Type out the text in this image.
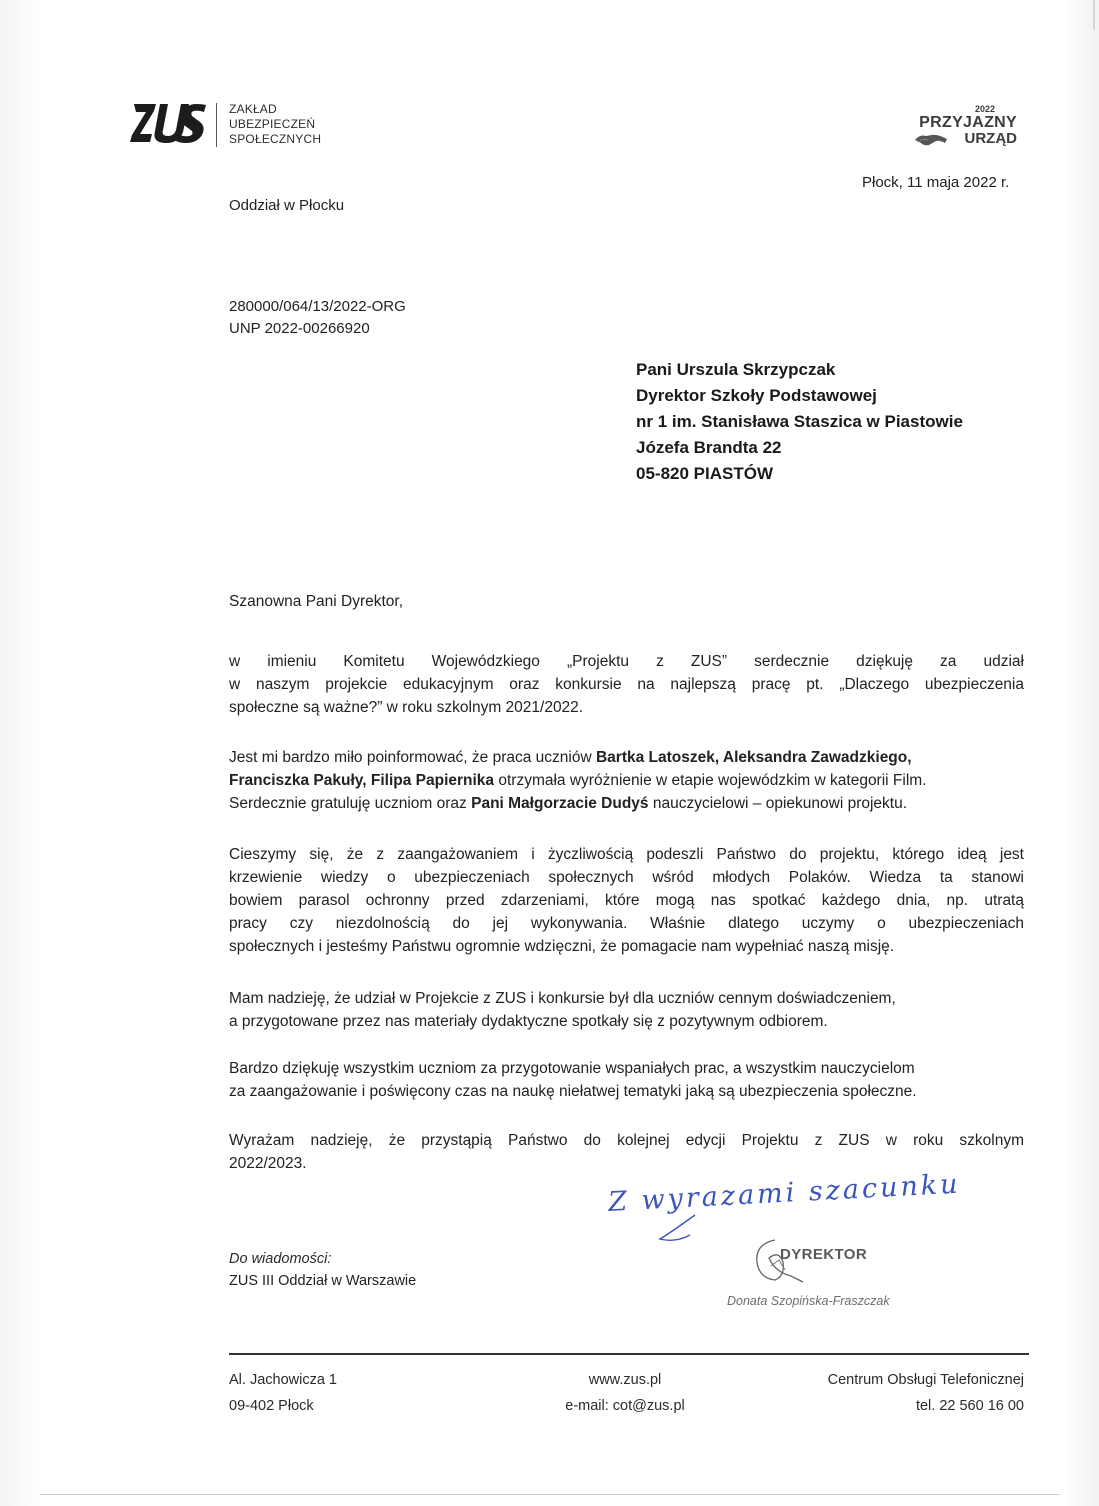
ZAKŁAD
UBEZPIECZEŃ
SPOŁECZNYCH
2022
PRZYJAZNY
URZĄD
Płock, 11 maja 2022 r.
Oddział w Płocku
280000/064/13/2022-ORG
UNP 2022-00266920
Pani Urszula Skrzypczak
Dyrektor Szkoły Podstawowej
nr 1 im. Stanisława Staszica w Piastowie
Józefa Brandta 22
05-820 PIASTÓW
Szanowna Pani Dyrektor,
w imieniu Komitetu Wojewódzkiego „Projektu z ZUS” serdecznie dziękuję za udział
w naszym projekcie edukacyjnym oraz konkursie na najlepszą pracę pt. „Dlaczego ubezpieczenia
społeczne są ważne?” w roku szkolnym 2021/2022.
Jest mi bardzo miło poinformować, że praca uczniów Bartka Latoszek, Aleksandra Zawadzkiego,
Franciszka Pakuły, Filipa Papiernika otrzymała wyróżnienie w etapie wojewódzkim w kategorii Film.
Serdecznie gratuluję uczniom oraz Pani Małgorzacie Dudyś nauczycielowi – opiekunowi projektu.
Cieszymy się, że z zaangażowaniem i życzliwością podeszli Państwo do projektu, którego ideą jest
krzewienie wiedzy o ubezpieczeniach społecznych wśród młodych Polaków. Wiedza ta stanowi
bowiem parasol ochronny przed zdarzeniami, które mogą nas spotkać każdego dnia, np. utratą
pracy czy niezdolnością do jej wykonywania. Właśnie dlatego uczymy o ubezpieczeniach
społecznych i jesteśmy Państwu ogromnie wdzięczni, że pomagacie nam wypełniać naszą misję.
Mam nadzieję, że udział w Projekcie z ZUS i konkursie był dla uczniów cennym doświadczeniem,
a przygotowane przez nas materiały dydaktyczne spotkały się z pozytywnym odbiorem.
Bardzo dziękuję wszystkim uczniom za przygotowanie wspaniałych prac, a wszystkim nauczycielom
za zaangażowanie i poświęcony czas na naukę niełatwej tematyki jaką są ubezpieczenia społeczne.
Wyrażam nadzieję, że przystąpią Państwo do kolejnej edycji Projektu z ZUS w roku szkolnym
2022/2023.
Z wyrazami szacunku
DYREKTOR
Donata Szopińska-Fraszczak
Do wiadomości:
ZUS III Oddział w Warszawie
Al. Jachowicza 1
09-402 Płock
www.zus.pl
e-mail: cot@zus.pl
Centrum Obsługi Telefonicznej
tel. 22 560 16 00
